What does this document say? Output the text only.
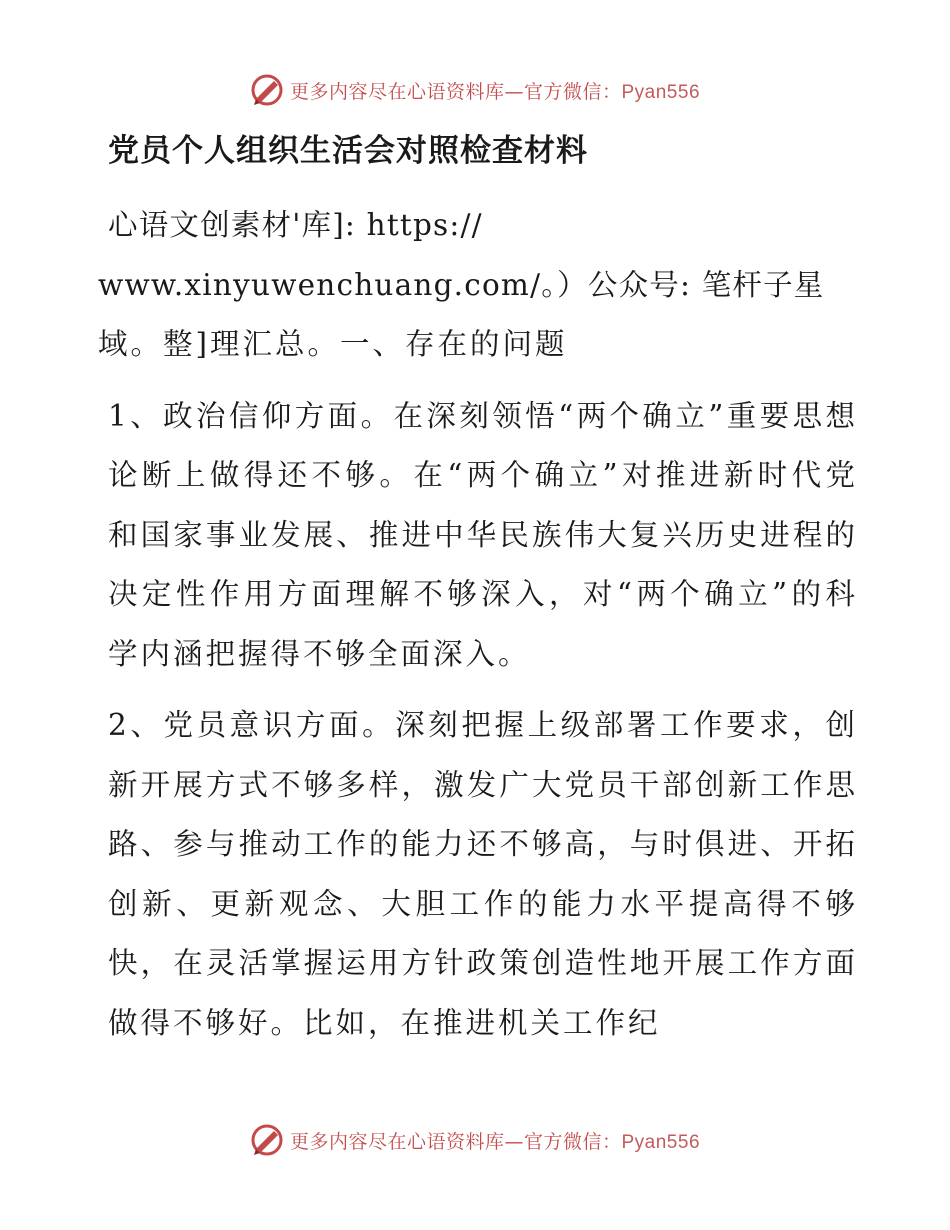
更多内容尽在心语资料库—官方微信：Pyan556
党员个人组织生活会对照检查材料

心语文创素材'库]: https://

www.xinyuwenchuang.com/。）公众号: 笔杆子星

域。整]理汇总。一、存在的问题

1、政治信仰方面。在深刻领悟“两个确立”重要思想论断上做得还不够。在“两个确立”对推进新时代党和国家事业发展、推进中华民族伟大复兴历史进程的决定性作用方面理解不够深入，对“两个确立”的科学内涵把握得不够全面深入。

2、党员意识方面。深刻把握上级部署工作要求，创新开展方式不够多样，激发广大党员干部创新工作思路、参与推动工作的能力还不够高，与时俱进、开拓创新、更新观念、大胆工作的能力水平提高得不够快，在灵活掌握运用方针政策创造性地开展工作方面做得不够好。比如，在推进机关工作纪

更多内容尽在心语资料库—官方微信：Pyan556
